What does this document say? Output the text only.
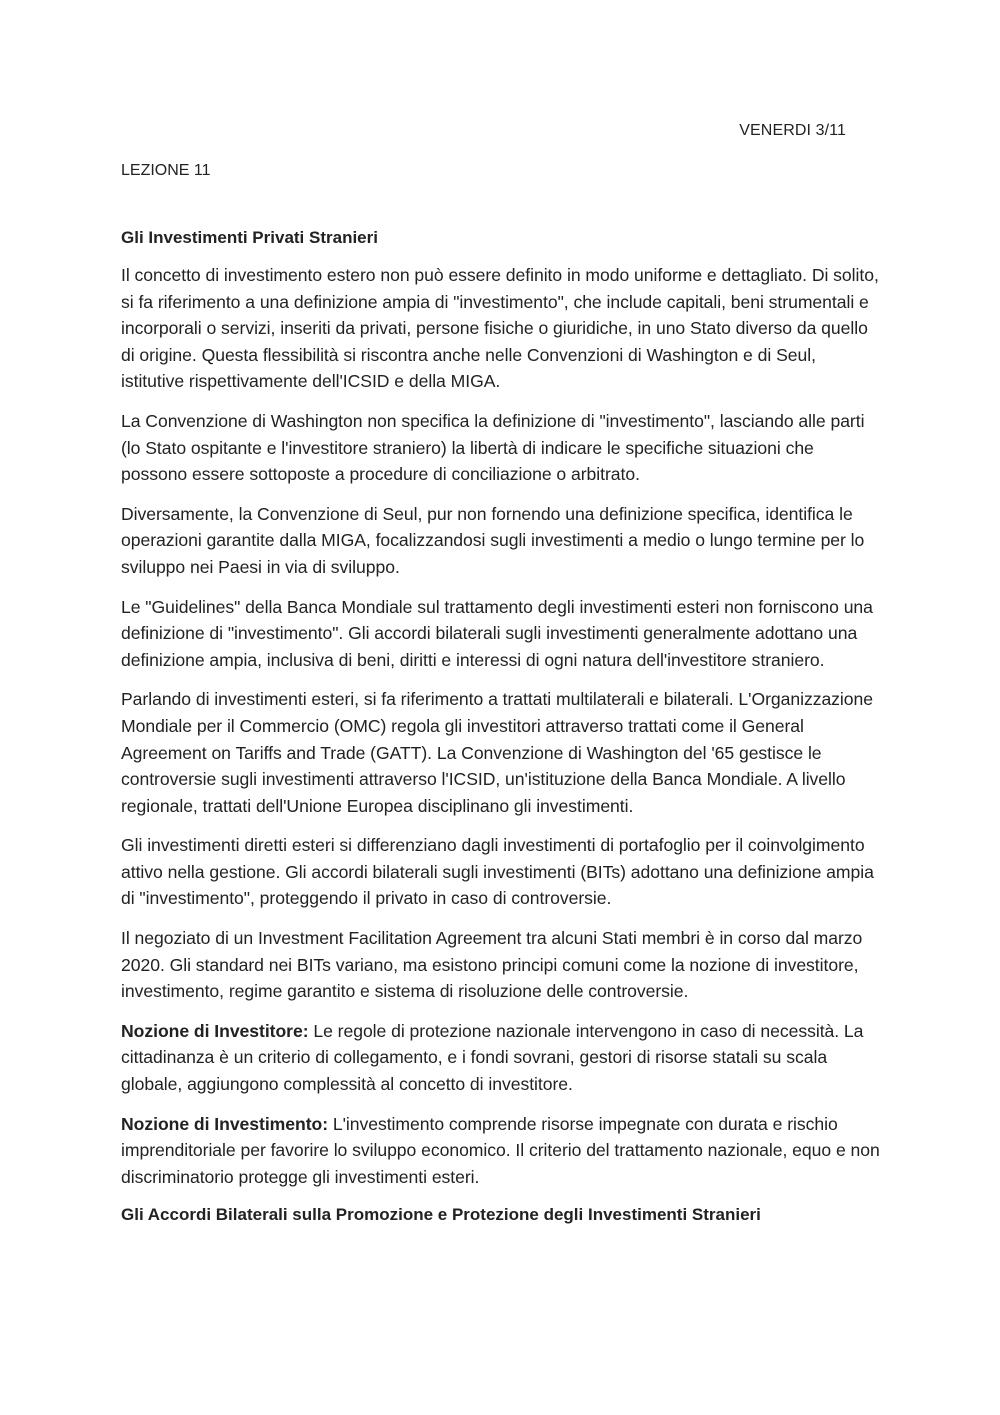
VENERDI 3/11

LEZIONE 11

Gli Investimenti Privati Stranieri

Il concetto di investimento estero non può essere definito in modo uniforme e dettagliato. Di solito, si fa riferimento a una definizione ampia di "investimento", che include capitali, beni strumentali e incorporali o servizi, inseriti da privati, persone fisiche o giuridiche, in uno Stato diverso da quello di origine. Questa flessibilità si riscontra anche nelle Convenzioni di Washington e di Seul, istitutive rispettivamente dell'ICSID e della MIGA.

La Convenzione di Washington non specifica la definizione di "investimento", lasciando alle parti (lo Stato ospitante e l'investitore straniero) la libertà di indicare le specifiche situazioni che possono essere sottoposte a procedure di conciliazione o arbitrato.

Diversamente, la Convenzione di Seul, pur non fornendo una definizione specifica, identifica le operazioni garantite dalla MIGA, focalizzandosi sugli investimenti a medio o lungo termine per lo sviluppo nei Paesi in via di sviluppo.

Le "Guidelines" della Banca Mondiale sul trattamento degli investimenti esteri non forniscono una definizione di "investimento". Gli accordi bilaterali sugli investimenti generalmente adottano una definizione ampia, inclusiva di beni, diritti e interessi di ogni natura dell'investitore straniero.

Parlando di investimenti esteri, si fa riferimento a trattati multilaterali e bilaterali. L'Organizzazione Mondiale per il Commercio (OMC) regola gli investitori attraverso trattati come il General Agreement on Tariffs and Trade (GATT). La Convenzione di Washington del '65 gestisce le controversie sugli investimenti attraverso l'ICSID, un'istituzione della Banca Mondiale. A livello regionale, trattati dell'Unione Europea disciplinano gli investimenti.

Gli investimenti diretti esteri si differenziano dagli investimenti di portafoglio per il coinvolgimento attivo nella gestione. Gli accordi bilaterali sugli investimenti (BITs) adottano una definizione ampia di "investimento", proteggendo il privato in caso di controversie.

Il negoziato di un Investment Facilitation Agreement tra alcuni Stati membri è in corso dal marzo 2020. Gli standard nei BITs variano, ma esistono principi comuni come la nozione di investitore, investimento, regime garantito e sistema di risoluzione delle controversie.

Nozione di Investitore: Le regole di protezione nazionale intervengono in caso di necessità. La cittadinanza è un criterio di collegamento, e i fondi sovrani, gestori di risorse statali su scala globale, aggiungono complessità al concetto di investitore.

Nozione di Investimento: L'investimento comprende risorse impegnate con durata e rischio imprenditoriale per favorire lo sviluppo economico. Il criterio del trattamento nazionale, equo e non discriminatorio protegge gli investimenti esteri.

Gli Accordi Bilaterali sulla Promozione e Protezione degli Investimenti Stranieri
